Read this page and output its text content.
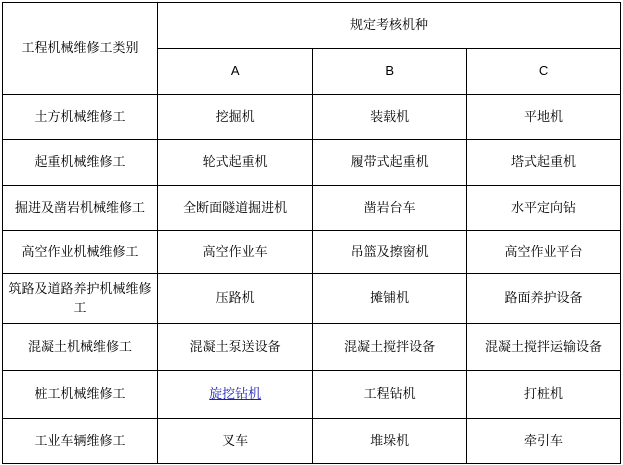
工程机械维修工类别	规定考核机种		
	A	B	C
土方机械维修工	挖掘机	装载机	平地机
起重机械维修工	轮式起重机	履带式起重机	塔式起重机
掘进及凿岩机械维修工	全断面隧道掘进机	凿岩台车	水平定向钻
高空作业机械维修工	高空作业车	吊篮及擦窗机	高空作业平台
筑路及道路养护机械维修工	压路机	摊铺机	路面养护设备
混凝土机械维修工	混凝土泵送设备	混凝土搅拌设备	混凝土搅拌运输设备
桩工机械维修工	旋挖钻机	工程钻机	打桩机
工业车辆维修工	叉车	堆垛机	牵引车
